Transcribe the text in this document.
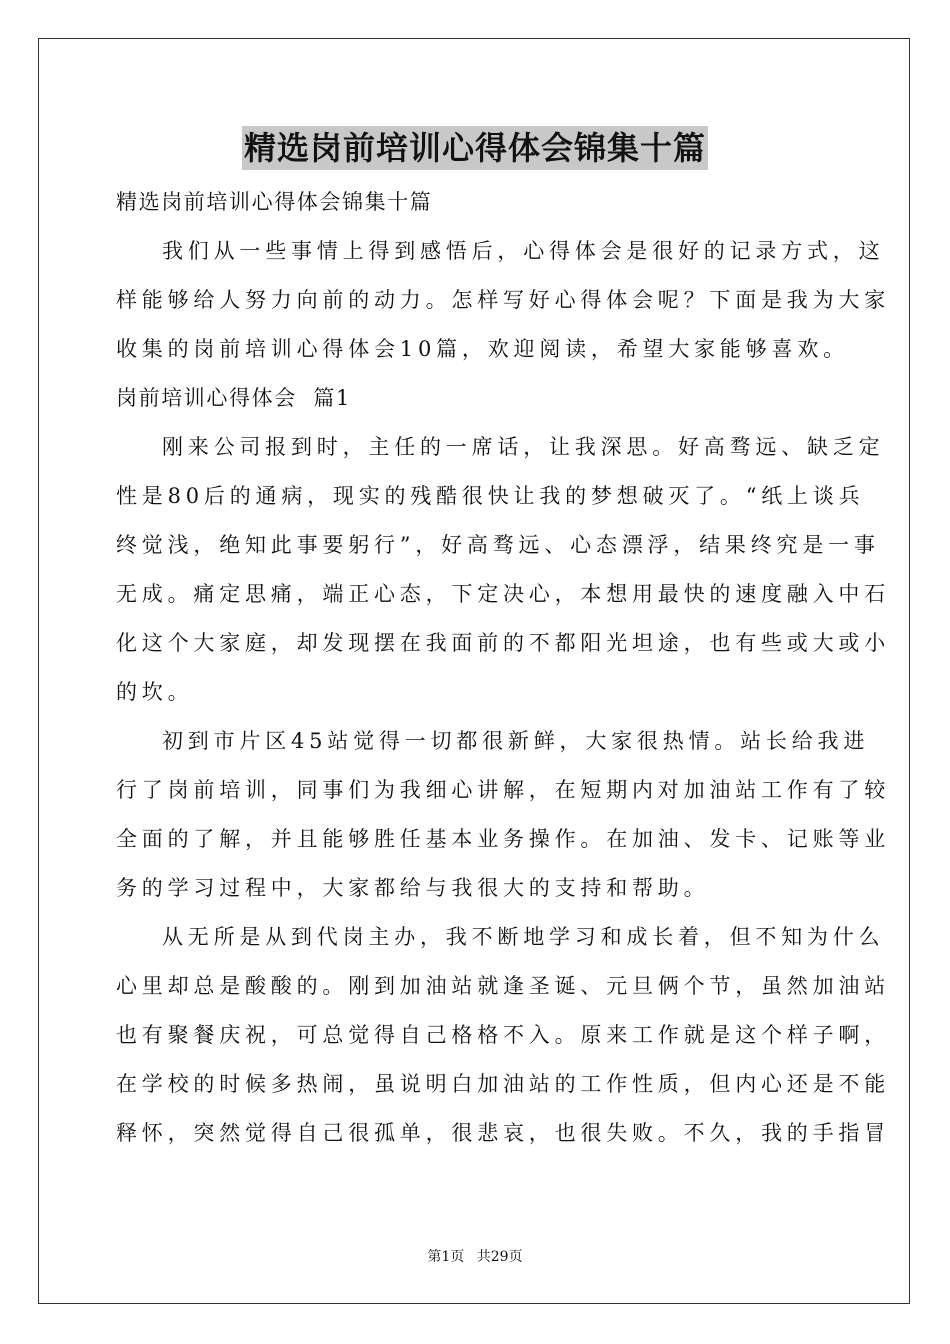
精选岗前培训心得体会锦集十篇
精选岗前培训心得体会锦集十篇
我们从一些事情上得到感悟后，心得体会是很好的记录方式，这
样能够给人努力向前的动力。怎样写好心得体会呢？下面是我为大家
收集的岗前培训心得体会10篇，欢迎阅读，希望大家能够喜欢。
岗前培训心得体会  篇1
刚来公司报到时，主任的一席话，让我深思。好高骛远、缺乏定
性是80后的通病，现实的残酷很快让我的梦想破灭了。“纸上谈兵
终觉浅，绝知此事要躬行”，好高骛远、心态漂浮，结果终究是一事
无成。痛定思痛，端正心态，下定决心，本想用最快的速度融入中石
化这个大家庭，却发现摆在我面前的不都阳光坦途，也有些或大或小
的坎。
初到市片区45站觉得一切都很新鲜，大家很热情。站长给我进
行了岗前培训，同事们为我细心讲解，在短期内对加油站工作有了较
全面的了解，并且能够胜任基本业务操作。在加油、发卡、记账等业
务的学习过程中，大家都给与我很大的支持和帮助。
从无所是从到代岗主办，我不断地学习和成长着，但不知为什么
心里却总是酸酸的。刚到加油站就逢圣诞、元旦俩个节，虽然加油站
也有聚餐庆祝，可总觉得自己格格不入。原来工作就是这个样子啊，
在学校的时候多热闹，虽说明白加油站的工作性质，但内心还是不能
释怀，突然觉得自己很孤单，很悲哀，也很失败。不久，我的手指冒
第1页 共29页
